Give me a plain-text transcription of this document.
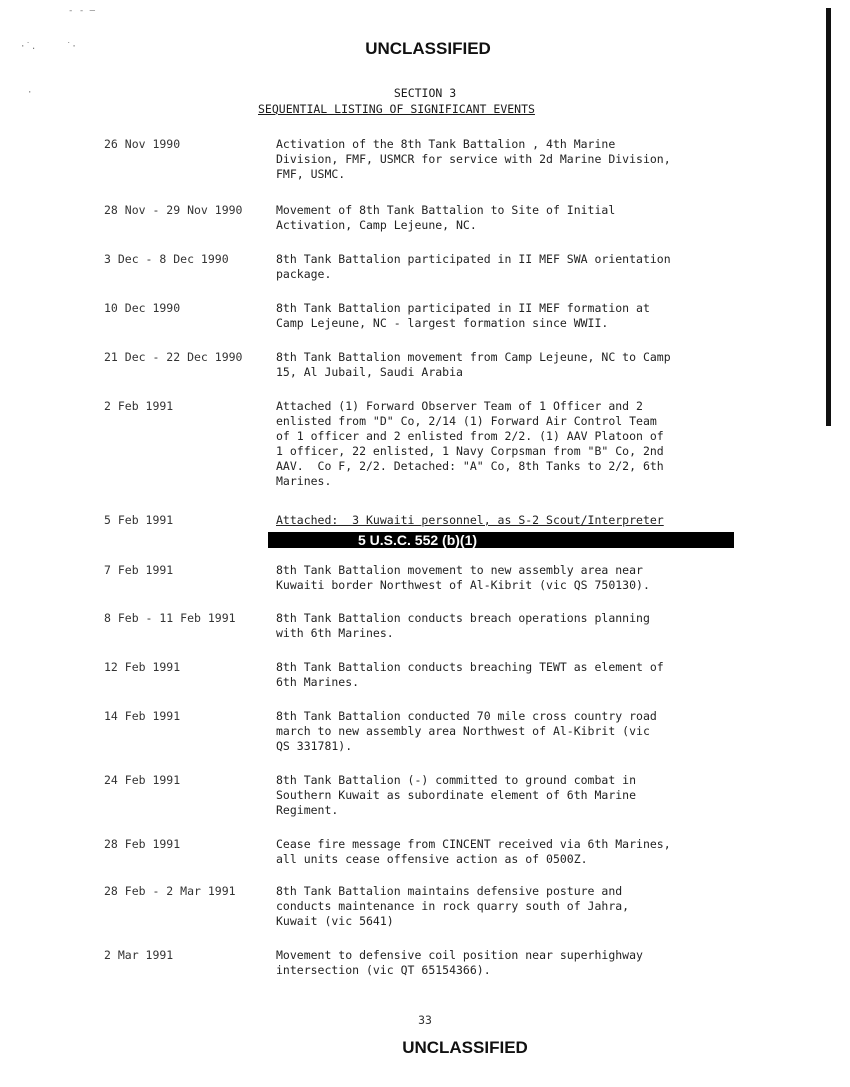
- - —
·˙.	˙·
·
UNCLASSIFIED
SECTION 3
SEQUENTIAL LISTING OF SIGNIFICANT EVENTS
26 Nov 1990	Activation of the 8th Tank Battalion , 4th Marine
Division, FMF, USMCR for service with 2d Marine Division,
FMF, USMC.
28 Nov - 29 Nov 1990	Movement of 8th Tank Battalion to Site of Initial
Activation, Camp Lejeune, NC.
3 Dec - 8 Dec 1990	8th Tank Battalion participated in II MEF SWA orientation
package.
10 Dec 1990	8th Tank Battalion participated in II MEF formation at
Camp Lejeune, NC - largest formation since WWII.
21 Dec - 22 Dec 1990	8th Tank Battalion movement from Camp Lejeune, NC to Camp
15, Al Jubail, Saudi Arabia
2 Feb 1991	Attached (1) Forward Observer Team of 1 Officer and 2
enlisted from "D" Co, 2/14 (1) Forward Air Control Team
of 1 officer and 2 enlisted from 2/2. (1) AAV Platoon of
1 officer, 22 enlisted, 1 Navy Corpsman from "B" Co, 2nd
AAV.  Co F, 2/2. Detached: "A" Co, 8th Tanks to 2/2, 6th
Marines.
5 Feb 1991	Attached:  3 Kuwaiti personnel, as S-2 Scout/Interpreter
5 U.S.C. 552 (b)(1)
7 Feb 1991	8th Tank Battalion movement to new assembly area near
Kuwaiti border Northwest of Al-Kibrit (vic QS 750130).
8 Feb - 11 Feb 1991	8th Tank Battalion conducts breach operations planning
with 6th Marines.
12 Feb 1991	8th Tank Battalion conducts breaching TEWT as element of
6th Marines.
14 Feb 1991	8th Tank Battalion conducted 70 mile cross country road
march to new assembly area Northwest of Al-Kibrit (vic
QS 331781).
24 Feb 1991	8th Tank Battalion (-) committed to ground combat in
Southern Kuwait as subordinate element of 6th Marine
Regiment.
28 Feb 1991	Cease fire message from CINCENT received via 6th Marines,
all units cease offensive action as of 0500Z.
28 Feb - 2 Mar 1991	8th Tank Battalion maintains defensive posture and
conducts maintenance in rock quarry south of Jahra,
Kuwait (vic 5641)
2 Mar 1991	Movement to defensive coil position near superhighway
intersection (vic QT 65154366).
33
UNCLASSIFIED
